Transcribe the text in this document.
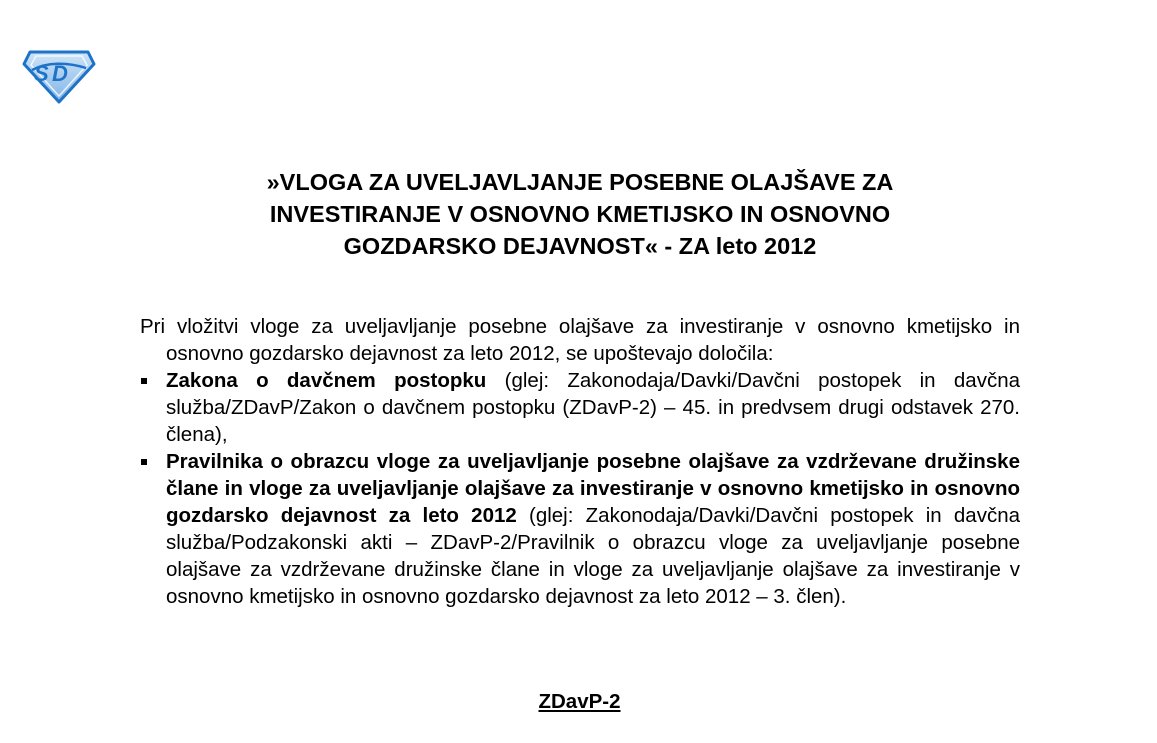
S D
»VLOGA ZA UVELJAVLJANJE POSEBNE OLAJŠAVE ZA
INVESTIRANJE V OSNOVNO KMETIJSKO IN OSNOVNO
GOZDARSKO DEJAVNOST« - ZA leto 2012

Pri vložitvi vloge za uveljavljanje posebne olajšave za investiranje v osnovno kmetijsko in osnovno gozdarsko dejavnost za leto 2012, se upoštevajo določila:

Zakona o davčnem postopku (glej: Zakonodaja/Davki/Davčni postopek in davčna služba/ZDavP/Zakon o davčnem postopku (ZDavP-2) – 45. in predvsem drugi odstavek 270. člena),
Pravilnika o obrazcu vloge za uveljavljanje posebne olajšave za vzdrževane družinske člane in vloge za uveljavljanje olajšave za investiranje v osnovno kmetijsko in osnovno gozdarsko dejavnost za leto 2012 (glej: Zakonodaja/Davki/Davčni postopek in davčna služba/Podzakonski akti – ZDavP-2/Pravilnik o obrazcu vloge za uveljavljanje posebne olajšave za vzdrževane družinske člane in vloge za uveljavljanje olajšave za investiranje v osnovno kmetijsko in osnovno gozdarsko dejavnost za leto 2012 – 3. člen).
ZDavP-2
